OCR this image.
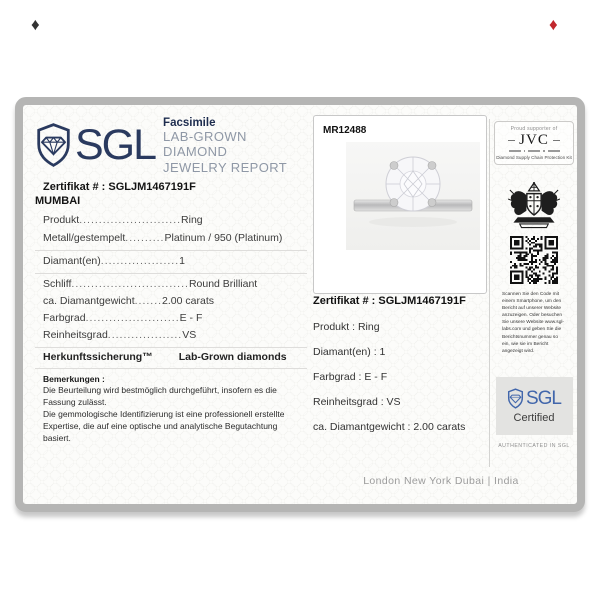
♦	♦
SGL Facsimile
LAB-GROWN DIAMOND
JEWELRY REPORT
Zertifikat # : SGLJM1467191F
MUMBAI
Produkt..........................Ring
Metall/gestempelt..........Platinum / 950 (Platinum)
Diamant(en)....................1
Schliff..............................Round Brilliant
ca. Diamantgewicht.......2.00 carats
Farbgrad........................E - F
Reinheitsgrad...................VS
Herkunftssicherung™ Lab-Grown diamonds
Bemerkungen :
Die Beurteilung wird bestmöglich durchgeführt, insofern es die
Fassung zulässt.
Die gemmologische Identifizierung ist eine professionell erstellte
Expertise, die auf eine optische und analytische Begutachtung
basiert.
MR12488
Zertifikat # : SGLJM1467191F
Produkt : Ring
Diamant(en) : 1
Farbgrad : E - F
Reinheitsgrad : VS
ca. Diamantgewicht : 2.00 carats
Proud supporter of
JVC
Diamond Supply Chain Protection Kit
Scannen Sie den Code mit einem Smartphone, um den Bericht auf unserer Website anzuzeigen. Oder besuchen Sie unsere Website www.sgl-labs.com und geben Sie die Berichtsnummer genau so ein, wie sie im Bericht angezeigt wird.
SGL
Certified
AUTHENTICATED IN SGL
London New York Dubai | India
